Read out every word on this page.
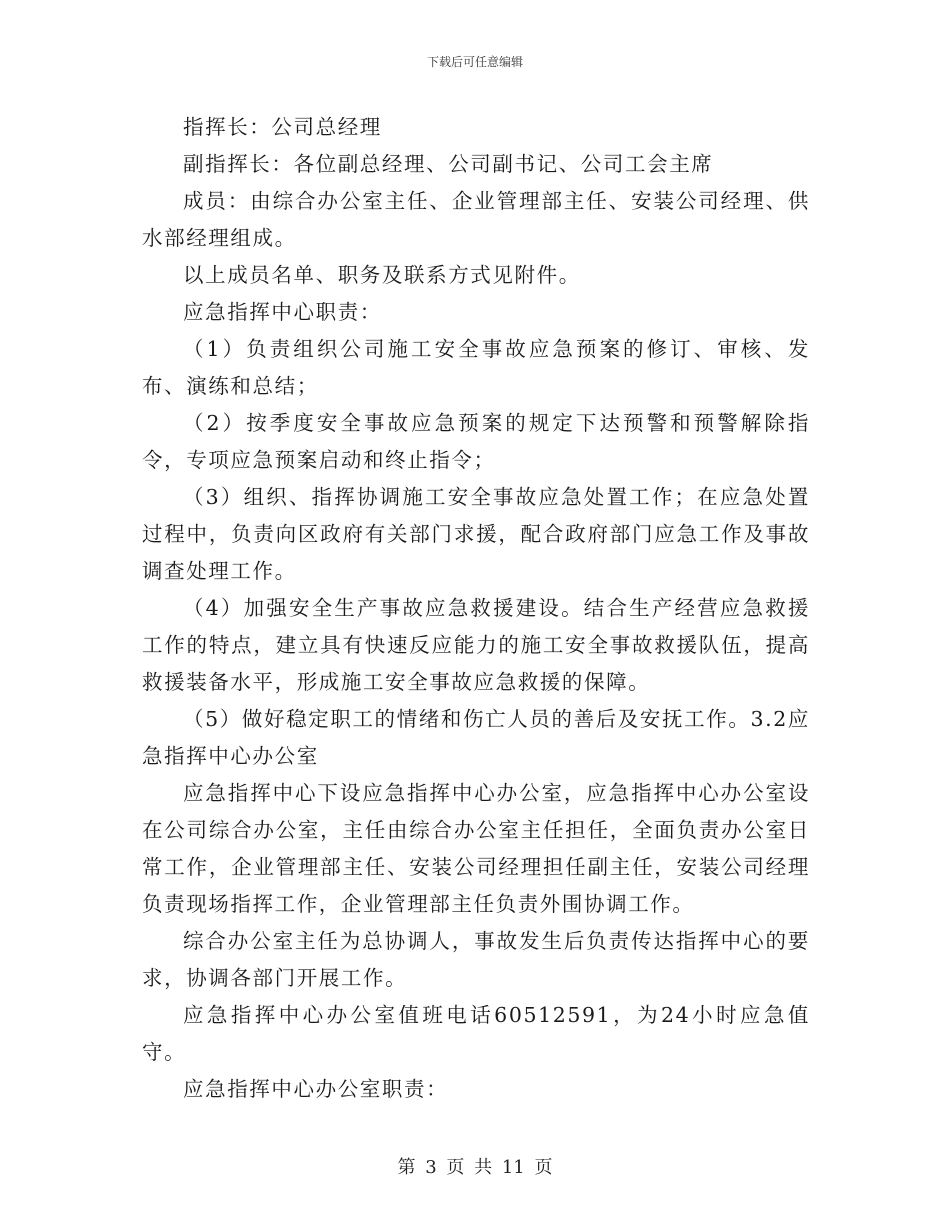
下载后可任意编辑

指挥长：公司总经理

副指挥长：各位副总经理、公司副书记、公司工会主席

成员：由综合办公室主任、企业管理部主任、安装公司经理、供水部经理组成。

以上成员名单、职务及联系方式见附件。

应急指挥中心职责：

（1）负责组织公司施工安全事故应急预案的修订、审核、发布、演练和总结；

（2）按季度安全事故应急预案的规定下达预警和预警解除指令，专项应急预案启动和终止指令；

（3）组织、指挥协调施工安全事故应急处置工作；在应急处置过程中，负责向区政府有关部门求援，配合政府部门应急工作及事故调查处理工作。

（4）加强安全生产事故应急救援建设。结合生产经营应急救援工作的特点，建立具有快速反应能力的施工安全事故救援队伍，提高救援装备水平，形成施工安全事故应急救援的保障。

（5）做好稳定职工的情绪和伤亡人员的善后及安抚工作。3.2应急指挥中心办公室

应急指挥中心下设应急指挥中心办公室，应急指挥中心办公室设在公司综合办公室，主任由综合办公室主任担任，全面负责办公室日常工作，企业管理部主任、安装公司经理担任副主任，安装公司经理负责现场指挥工作，企业管理部主任负责外围协调工作。

综合办公室主任为总协调人，事故发生后负责传达指挥中心的要求，协调各部门开展工作。

应急指挥中心办公室值班电话60512591，为24小时应急值守。

应急指挥中心办公室职责：

第 3 页 共 11 页
